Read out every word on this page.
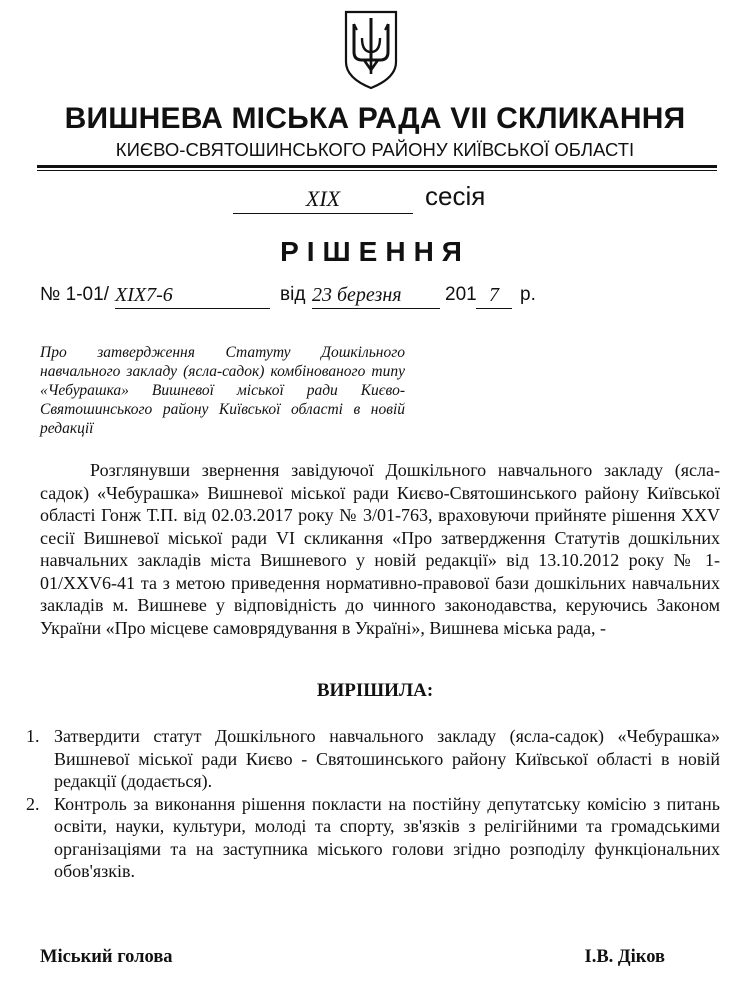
ВИШНЕВА МІСЬКА РАДА VII СКЛИКАННЯ
КИЄВО-СВЯТОШИНСЬКОГО РАЙОНУ КИЇВСЬКОЇ ОБЛАСТІ
XIX	сесія
РІШЕННЯ
№ 1-01/ XIX7-6	від 23 березня	201 7	р.
Про затвердження Статуту Дошкільного навчального закладу (ясла-садок) комбінованого типу «Чебурашка» Вишневої міської ради Києво-Святошинського району Київської області в новій редакції
Розглянувши звернення завідуючої Дошкільного навчального закладу (ясла-садок) «Чебурашка» Вишневої міської ради Києво-Святошинського району Київської області Гонж Т.П. від 02.03.2017 року № 3/01-763, враховуючи прийняте рішення XXV сесії Вишневої міської ради VI скликання «Про затвердження Статутів дошкільних навчальних закладів міста Вишневого у новій редакції» від 13.10.2012 року № 1-01/XXV6-41 та з метою приведення нормативно-правової бази дошкільних навчальних закладів м. Вишневе у відповідність до чинного законодавства, керуючись Законом України «Про місцеве самоврядування в Україні», Вишнева міська рада, -
ВИРІШИЛА:
1. Затвердити статут Дошкільного навчального закладу (ясла-садок) «Чебурашка» Вишневої міської ради Києво - Святошинського району Київської області в новій редакції (додається).
2. Контроль за виконання рішення покласти на постійну депутатську комісію з питань освіти, науки, культури, молоді та спорту, зв'язків з релігійними та громадськими організаціями та на заступника міського голови згідно розподілу функціональних обов'язків.
Міський голова	І.В. Діков
